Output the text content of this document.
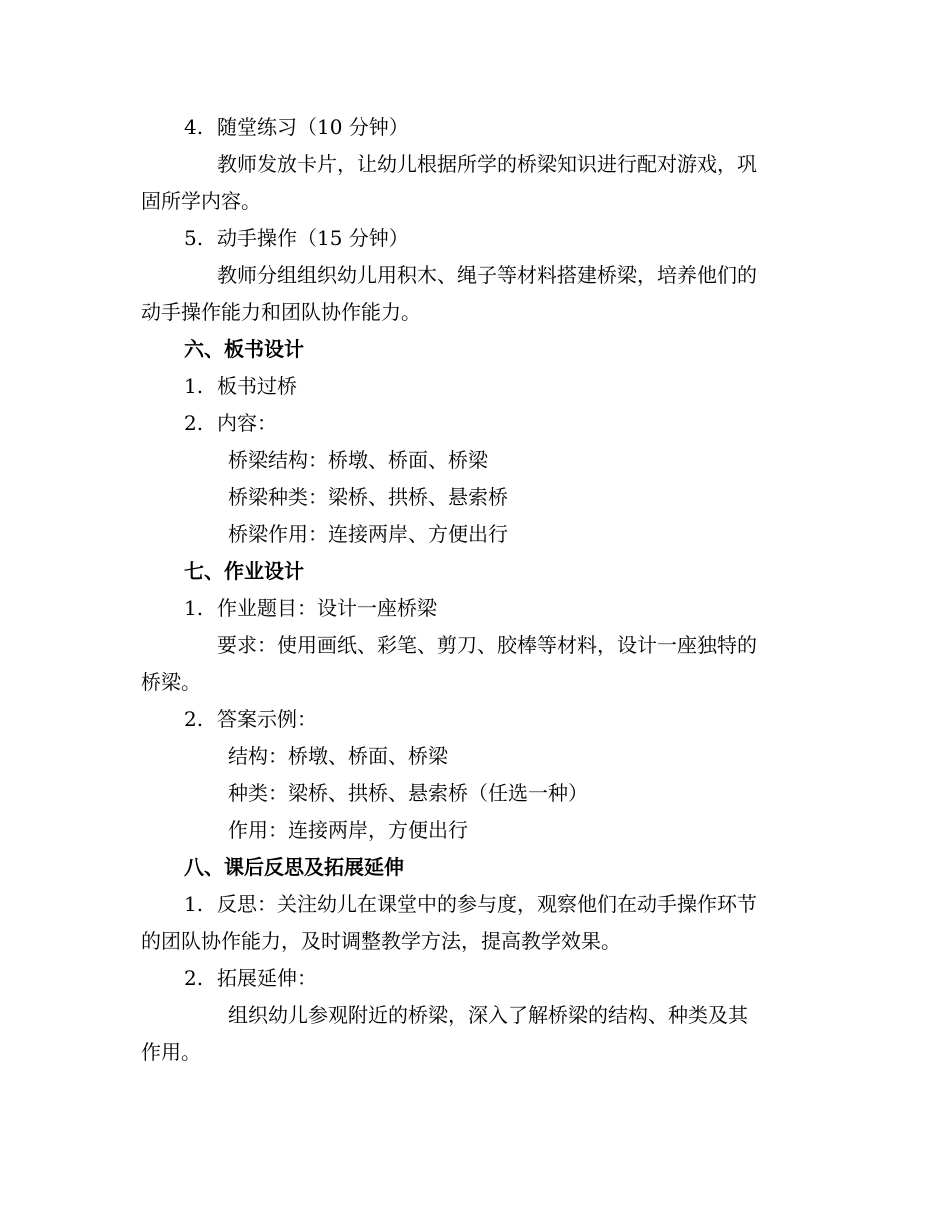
4. 随堂练习（10 分钟）
教师发放卡片，让幼儿根据所学的桥梁知识进行配对游戏，巩
固所学内容。
5. 动手操作（15 分钟）
教师分组组织幼儿用积木、绳子等材料搭建桥梁，培养他们的
动手操作能力和团队协作能力。
六、板书设计
1. 板书过桥
2. 内容：
桥梁结构：桥墩、桥面、桥梁
桥梁种类：梁桥、拱桥、悬索桥
桥梁作用：连接两岸、方便出行
七、作业设计
1. 作业题目：设计一座桥梁
要求：使用画纸、彩笔、剪刀、胶棒等材料，设计一座独特的
桥梁。
2. 答案示例：
结构：桥墩、桥面、桥梁
种类：梁桥、拱桥、悬索桥（任选一种）
作用：连接两岸，方便出行
八、课后反思及拓展延伸
1. 反思：关注幼儿在课堂中的参与度，观察他们在动手操作环节
的团队协作能力，及时调整教学方法，提高教学效果。
2. 拓展延伸：
组织幼儿参观附近的桥梁，深入了解桥梁的结构、种类及其
作用。
